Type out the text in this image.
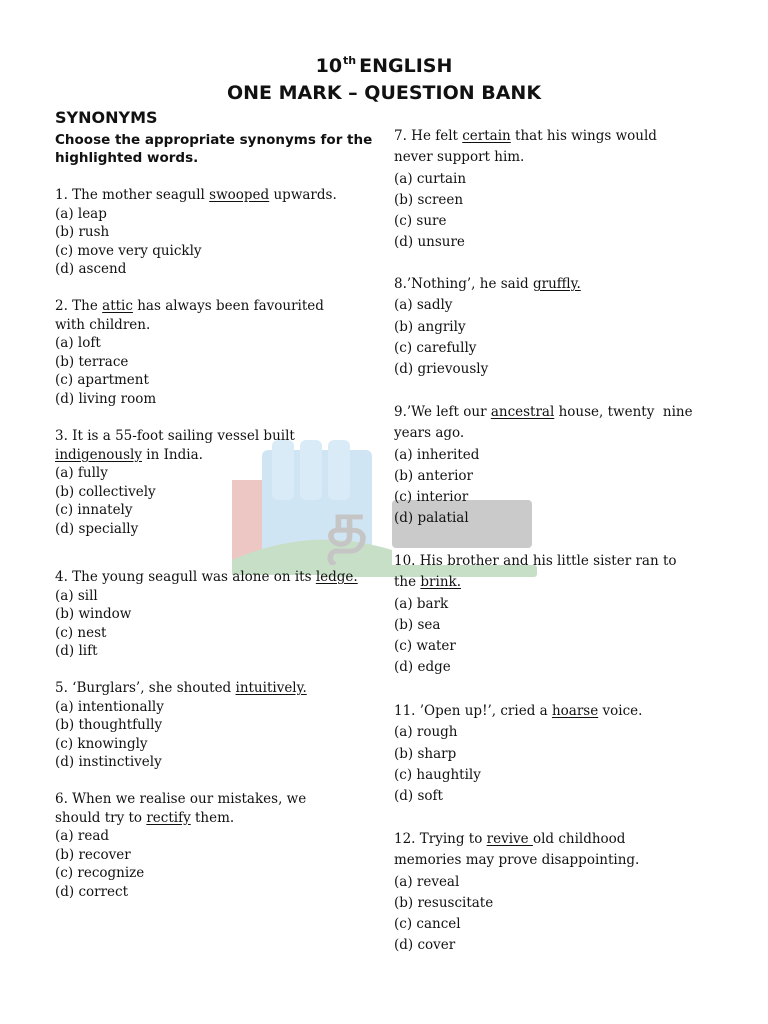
10th ENGLISH
ONE MARK – QUESTION BANK
SYNONYMS
Choose the appropriate synonyms for the highlighted words.
த
1. The mother seagull swooped upwards.
(a) leap
(b) rush
(c) move very quickly
(d) ascend
2. The attic has always been favourited
with children.
(a) loft
(b) terrace
(c) apartment
(d) living room
3. It is a 55-foot sailing vessel built
indigenously in India.
(a) fully
(b) collectively
(c) innately
(d) specially
4. The young seagull was alone on its ledge.
(a) sill
(b) window
(c) nest
(d) lift
5. ‘Burglars’, she shouted intuitively.
(a) intentionally
(b) thoughtfully
(c) knowingly
(d) instinctively
6. When we realise our mistakes, we
should try to rectify them.
(a) read
(b) recover
(c) recognize
(d) correct
7. He felt certain that his wings would
never support him.
(a) curtain
(b) screen
(c) sure
(d) unsure
8.’Nothing’, he said gruffly.
(a) sadly
(b) angrily
(c) carefully
(d) grievously
9.’We left our ancestral house, twenty  nine
years ago.
(a) inherited
(b) anterior
(c) interior
(d) palatial
10. His brother and his little sister ran to
the brink.
(a) bark
(b) sea
(c) water
(d) edge
11. ’Open up!’, cried a hoarse voice.
(a) rough
(b) sharp
(c) haughtily
(d) soft
12. Trying to revive old childhood
memories may prove disappointing.
(a) reveal
(b) resuscitate
(c) cancel
(d) cover
